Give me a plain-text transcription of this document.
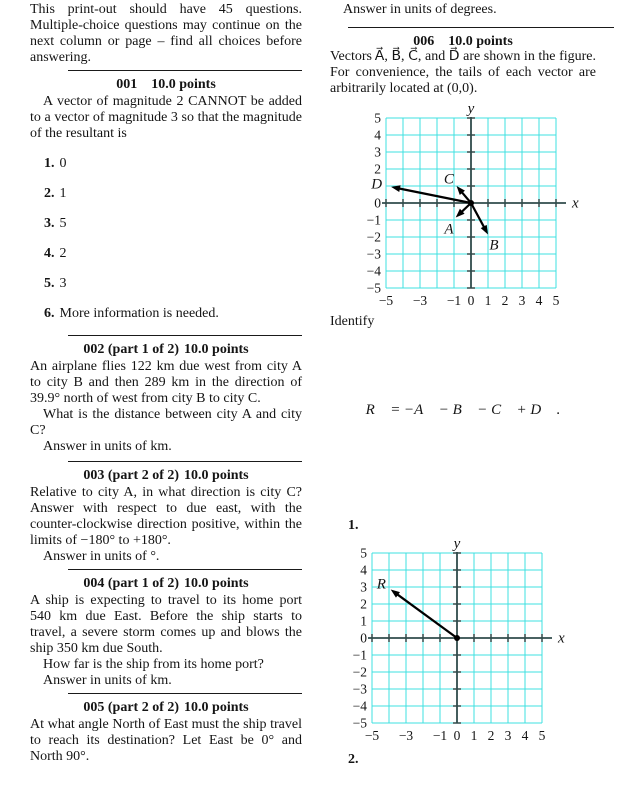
This print-out should have 45 questions. Multiple-choice questions may continue on the next column or page – find all choices before answering.

001 10.0 points

A vector of magnitude 2 CANNOT be added to a vector of magnitude 3 so that the magnitude of the resultant is

1. 0
2. 1
3. 5
4. 2
5. 3
6. More information is needed.
002 (part 1 of 2) 10.0 points

An airplane flies 122 km due west from city A to city B and then 289 km in the direction of 39.9° north of west from city B to city C.

What is the distance between city A and city C?

Answer in units of km.

003 (part 2 of 2) 10.0 points

Relative to city A, in what direction is city C? Answer with respect to due east, with the counter-clockwise direction positive, within the limits of −180° to +180°.

Answer in units of °.

004 (part 1 of 2) 10.0 points

A ship is expecting to travel to its home port 540 km due East. Before the ship starts to travel, a severe storm comes up and blows the ship 350 km due South.

How far is the ship from its home port?

Answer in units of km.

005 (part 2 of 2) 10.0 points

At what angle North of East must the ship travel to reach its destination? Let East be 0° and North 90°.

Answer in units of degrees.

006 10.0 points

Vectors A⃗, B⃗, C⃗, and D⃗ are shown in the figure. For convenience, the tails of each vector are arbitrarily located at (0,0).

−5 −3 −1 0 1 2 3 4 5
5
4
3
2
0
−1
−2
−3
−4
−5
y
x
A
B
C
D

Identify

R⃗ = −A⃗ − B⃗ − C⃗ + D⃗ .

1.
−5 −3 −1 0 1 2 3 4 5
5
4
3
2
1
0
−1
−2
−3
−4
−5
y
x
R
2.
